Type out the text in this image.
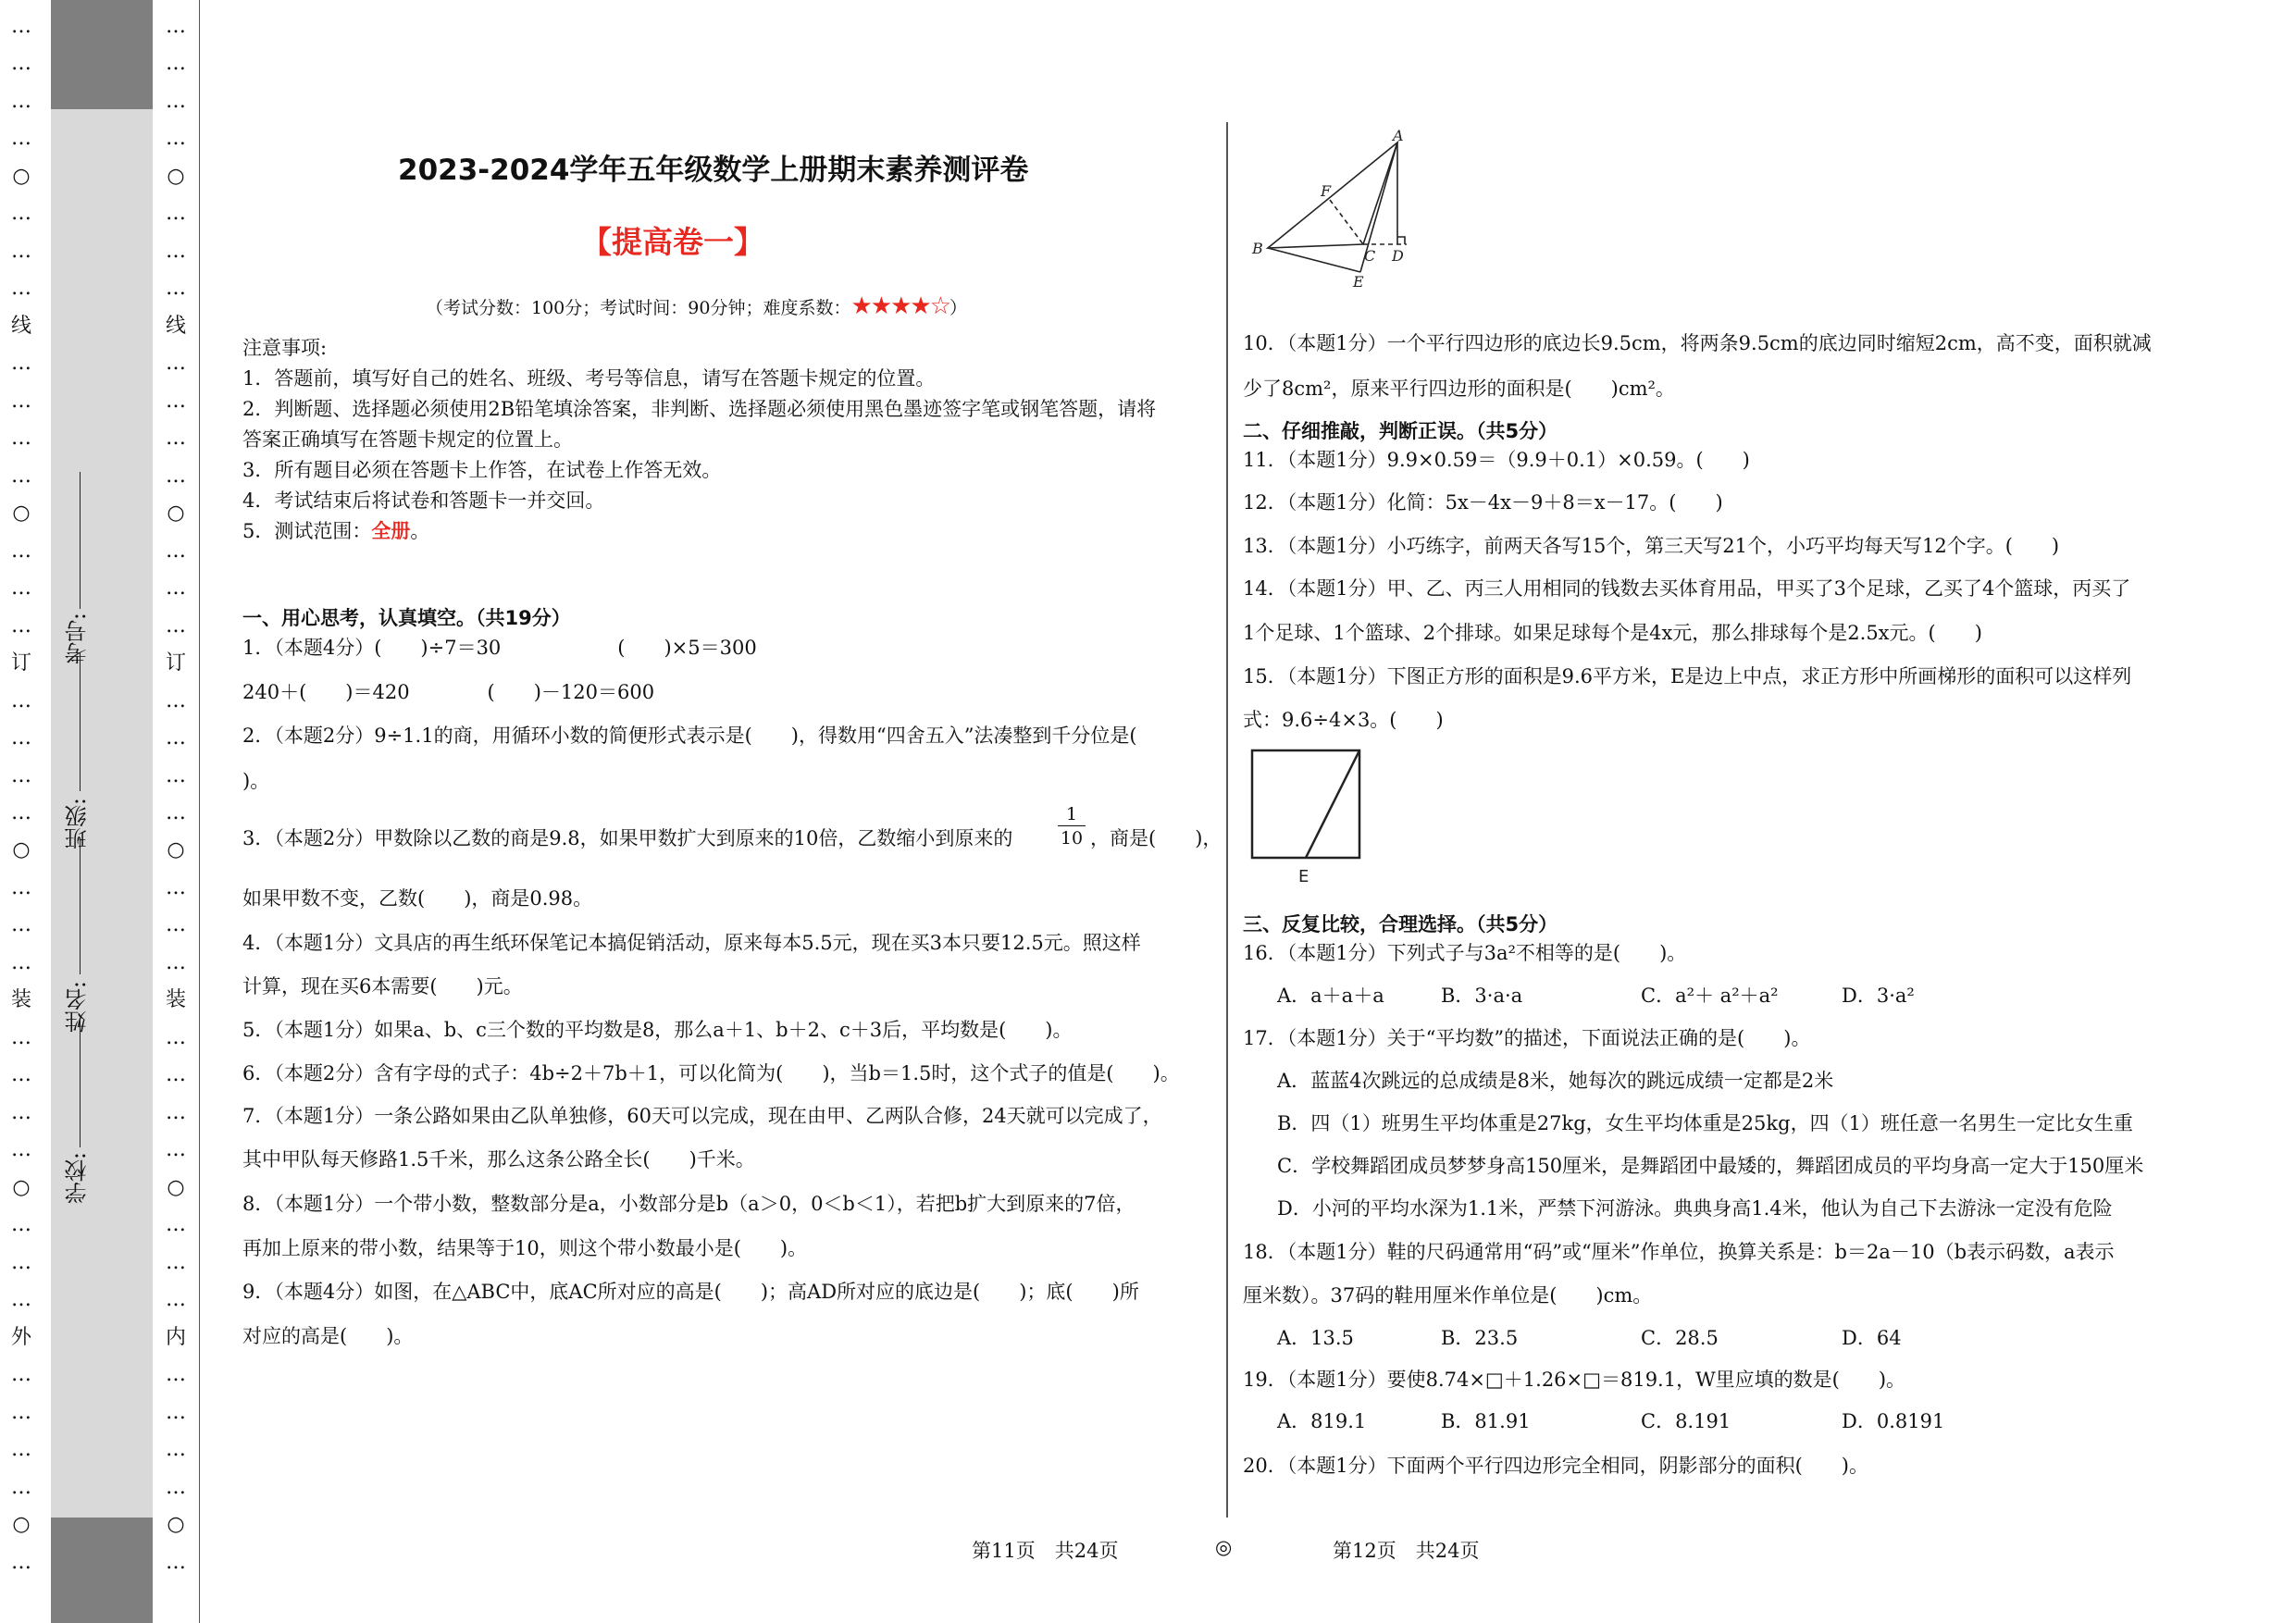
…
…
…
…
○
…
…
…
线
…
…
…
…
○
…
…
…
订
…
…
…
…
○
…
…
…
装
…
…
…
…
○
…
…
…
外
…
…
…
…
○
…
…
…
…
…
○
…
…
…
线
…
…
…
…
○
…
…
…
订
…
…
…
…
○
…
…
…
装
…
…
…
…
○
…
…
…
内
…
…
…
…
○
…
考号:
班级:
姓名:
学校:
2023-2024学年五年级数学上册期末素养测评卷
【提高卷一】
（考试分数：100分；考试时间：90分钟；难度系数：★★★★☆）
注意事项:
1．答题前，填写好自己的姓名、班级、考号等信息，请写在答题卡规定的位置。
2．判断题、选择题必须使用2B铅笔填涂答案，非判断、选择题必须使用黑色墨迹签字笔或钢笔答题，请将
答案正确填写在答题卡规定的位置上。
3．所有题目必须在答题卡上作答，在试卷上作答无效。
4．考试结束后将试卷和答题卡一并交回。
5．测试范围：全册。
一、用心思考，认真填空。（共19分）
1．（本题4分）(　　)÷7＝30　　　　　　(　　)×5＝300
240＋(　　)＝420　　　　(　　)－120＝600
2．（本题2分）9÷1.1的商，用循环小数的简便形式表示是(　　)，得数用“四舍五入”法凑整到千分位是(
)。
3．（本题2分）甲数除以乙数的商是9.8，如果甲数扩大到原来的10倍，乙数缩小到原来的	$\frac{1}{10}$ ，商是(　　)，
如果甲数不变，乙数(　　)，商是0.98。
4．（本题1分）文具店的再生纸环保笔记本搞促销活动，原来每本5.5元，现在买3本只要12.5元。照这样
计算，现在买6本需要(　　)元。
5．（本题1分）如果a、b、c三个数的平均数是8，那么a＋1、b＋2、c＋3后，平均数是(　　)。
6．（本题2分）含有字母的式子：4b÷2＋7b＋1，可以化简为(　　)，当b＝1.5时，这个式子的值是(　　)。
7．（本题1分）一条公路如果由乙队单独修，60天可以完成，现在由甲、乙两队合修，24天就可以完成了，
其中甲队每天修路1.5千米，那么这条公路全长(　　)千米。
8．（本题1分）一个带小数，整数部分是a，小数部分是b（a＞0，0＜b＜1），若把b扩大到原来的7倍，
再加上原来的带小数，结果等于10，则这个带小数最小是(　　)。
9．（本题4分）如图，在△ABC中，底AC所对应的高是(　　)；高AD所对应的底边是(　　)；底(　　)所
对应的高是(　　)。
A
B	C D
E
F
10．（本题1分）一个平行四边形的底边长9.5cm，将两条9.5cm的底边同时缩短2cm，高不变，面积就减
少了8cm²，原来平行四边形的面积是(　　)cm²。
二、仔细推敲，判断正误。（共5分）
11．（本题1分）9.9×0.59＝（9.9＋0.1）×0.59。(　　)
12．（本题1分）化简：5x－4x－9＋8＝x－17。(　　)
13．（本题1分）小巧练字，前两天各写15个，第三天写21个，小巧平均每天写12个字。(　　)
14．（本题1分）甲、乙、丙三人用相同的钱数去买体育用品，甲买了3个足球，乙买了4个篮球，丙买了
1个足球、1个篮球、2个排球。如果足球每个是4x元，那么排球每个是2.5x元。(　　)
15．（本题1分）下图正方形的面积是9.6平方米，E是边上中点，求正方形中所画梯形的面积可以这样列
式：9.6÷4×3。(　　)
E
三、反复比较，合理选择。（共5分）
16．（本题1分）下列式子与3a²不相等的是(　　)。
A．a＋a＋a	B．3·a·a	C．a²＋ a²＋a²	D．3·a²
17．（本题1分）关于“平均数”的描述，下面说法正确的是(　　)。
A．蓝蓝4次跳远的总成绩是8米，她每次的跳远成绩一定都是2米
B．四（1）班男生平均体重是27kg，女生平均体重是25kg，四（1）班任意一名男生一定比女生重
C．学校舞蹈团成员梦梦身高150厘米，是舞蹈团中最矮的，舞蹈团成员的平均身高一定大于150厘米
D．小河的平均水深为1.1米，严禁下河游泳。典典身高1.4米，他认为自己下去游泳一定没有危险
18．（本题1分）鞋的尺码通常用“码”或“厘米”作单位，换算关系是：b＝2a－10（b表示码数，a表示
厘米数）。37码的鞋用厘米作单位是(　　)cm。
A．13.5	B．23.5	C．28.5	D．64
19．（本题1分）要使8.74×□＋1.26×□＝819.1，W里应填的数是(　　)。
A．819.1	B．81.91	C．8.191	D．0.8191
20．（本题1分）下面两个平行四边形完全相同，阴影部分的面积(　　)。
第11页　共24页	◎	第12页　共24页
